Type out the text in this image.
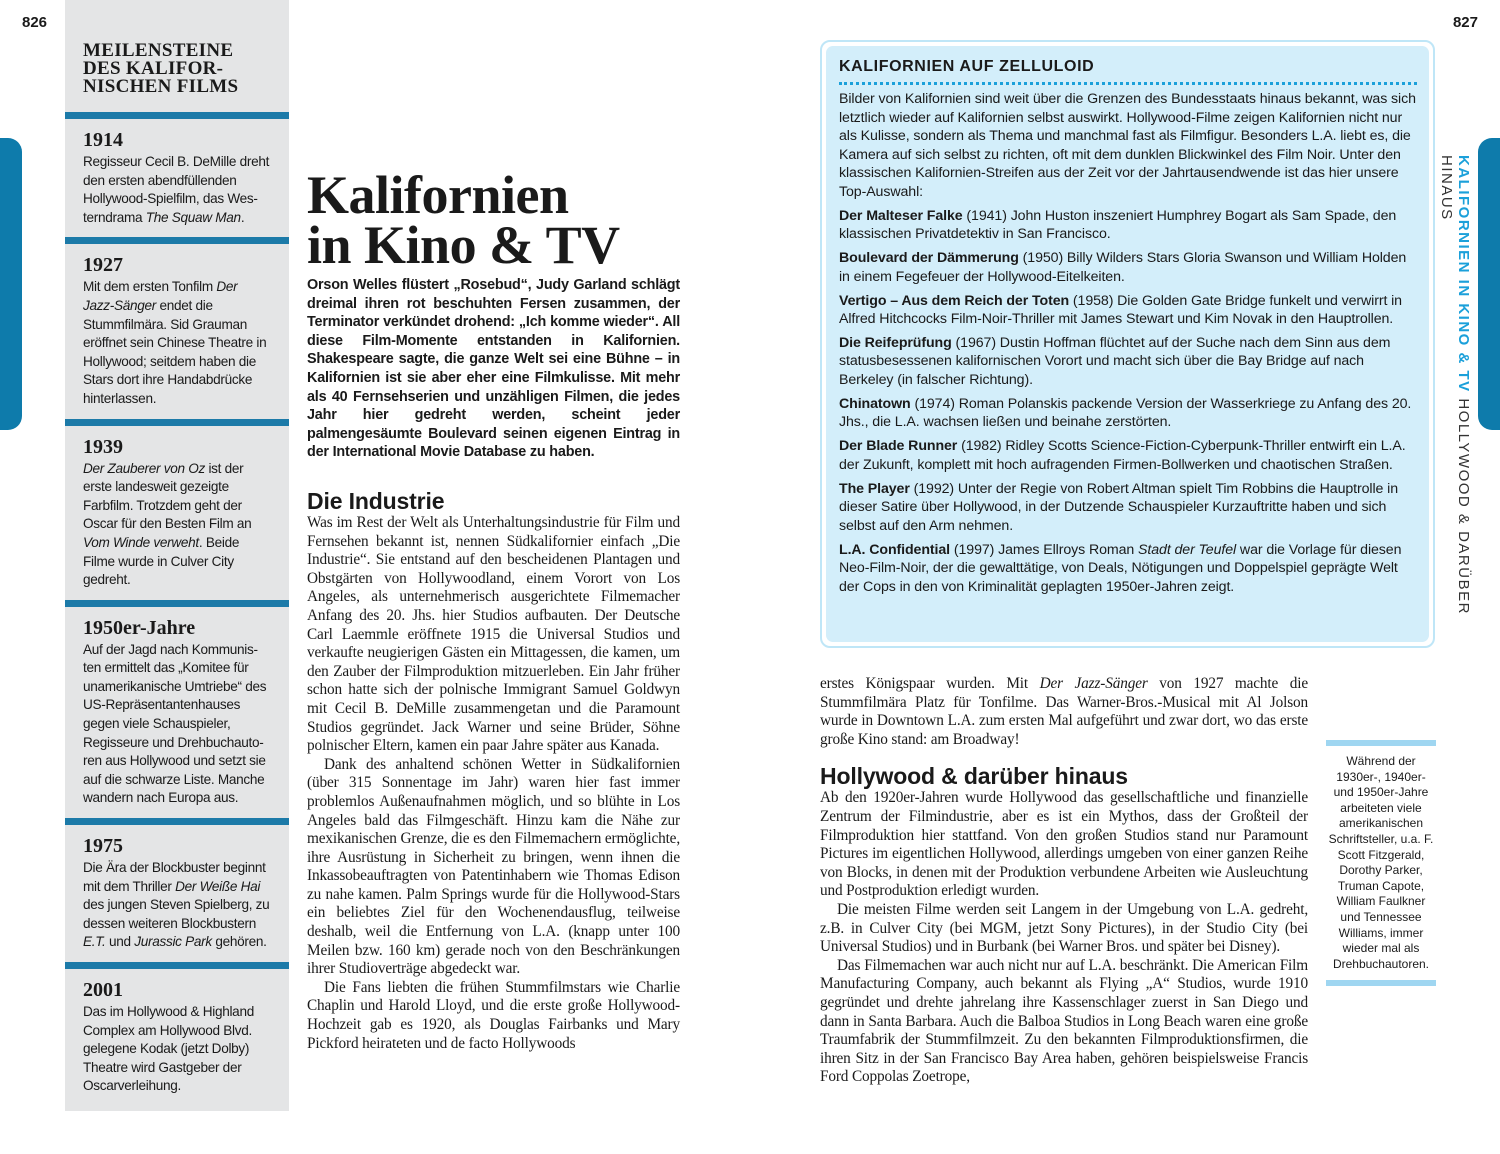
826	827
MEILENSTEINE DES KALIFOR-NISCHEN FILMS
1914

Regisseur Cecil B. DeMille dreht den ersten abendfüllenden Hollywood-Spielfilm, das Wes-terndrama The Squaw Man.

1927

Mit dem ersten Tonfilm Der Jazz-Sänger endet die Stummfilmära. Sid Grauman eröffnet sein Chinese Theatre in Hollywood; seitdem haben die Stars dort ihre Handabdrücke hinterlassen.

1939

Der Zauberer von Oz ist der erste landesweit gezeigte Farbfilm. Trotzdem geht der Oscar für den Besten Film an Vom Winde verweht. Beide Filme wurde in Culver City gedreht.

1950er-Jahre

Auf der Jagd nach Kommunis-ten ermittelt das „Komitee für unamerikanische Umtriebe“ des US-Repräsentantenhauses gegen viele Schauspieler, Regisseure und Drehbuchauto-ren aus Hollywood und setzt sie auf die schwarze Liste. Manche wandern nach Europa aus.

1975

Die Ära der Blockbuster beginnt mit dem Thriller Der Weiße Hai des jungen Steven Spielberg, zu dessen weiteren Blockbustern E.T. und Jurassic Park gehören.

2001

Das im Hollywood & Highland Complex am Hollywood Blvd. gelegene Kodak (jetzt Dolby) Theatre wird Gastgeber der Oscarverleihung.

Kalifornien
in Kino & TV
Orson Welles flüstert „Rosebud“, Judy Garland schlägt dreimal ihren rot beschuhten Fersen zusammen, der Terminator verkündet drohend: „Ich komme wieder“. All diese Film-Momente entstanden in Kalifornien. Shakespeare sagte, die ganze Welt sei eine Bühne – in Kalifornien ist sie aber eher eine Filmkulisse. Mit mehr als 40 Fernsehserien und unzähligen Filmen, die jedes Jahr hier gedreht werden, scheint jeder palmengesäumte Boulevard seinen eigenen Eintrag in der International Movie Database zu haben.
Die Industrie

Was im Rest der Welt als Unterhaltungsindustrie für Film und Fernsehen bekannt ist, nennen Südkalifornier einfach „Die Industrie“. Sie entstand auf den bescheidenen Plantagen und Obstgärten von Hollywoodland, einem Vorort von Los Angeles, als unternehmerisch ausgerichtete Filmemacher Anfang des 20. Jhs. hier Studios aufbauten. Der Deutsche Carl Laemmle eröffnete 1915 die Universal Studios und verkaufte neugierigen Gästen ein Mittagessen, die kamen, um den Zauber der Filmproduktion mitzuerleben. Ein Jahr früher schon hatte sich der polnische Immigrant Samuel Goldwyn mit Cecil B. DeMille zusammengetan und die Paramount Studios gegründet. Jack Warner und seine Brüder, Söhne polnischer Eltern, kamen ein paar Jahre später aus Kanada.

Dank des anhaltend schönen Wetter in Südkalifornien (über 315 Sonnentage im Jahr) waren hier fast immer problemlos Außenaufnahmen möglich, und so blühte in Los Angeles bald das Filmgeschäft. Hinzu kam die Nähe zur mexikanischen Grenze, die es den Filmemachern ermöglichte, ihre Ausrüstung in Sicherheit zu bringen, wenn ihnen die Inkassobeauftragten von Patentinhabern wie Thomas Edison zu nahe kamen. Palm Springs wurde für die Hollywood-Stars ein beliebtes Ziel für den Wochenendausflug, teilweise deshalb, weil die Entfernung von L.A. (knapp unter 100 Meilen bzw. 160 km) gerade noch von den Beschränkungen ihrer Studioverträge abgedeckt war.

Die Fans liebten die frühen Stummfilmstars wie Charlie Chaplin und Harold Lloyd, und die erste große Hollywood-Hochzeit gab es 1920, als Douglas Fairbanks und Mary Pickford heirateten und de facto Hollywoods

KALIFORNIEN AUF ZELLULOID

Bilder von Kalifornien sind weit über die Grenzen des Bundesstaats hinaus bekannt, was sich letztlich wieder auf Kalifornien selbst auswirkt. Hollywood-Filme zeigen Kalifornien nicht nur als Kulisse, sondern als Thema und manchmal fast als Filmfigur. Besonders L.A. liebt es, die Kamera auf sich selbst zu richten, oft mit dem dunklen Blickwinkel des Film Noir. Unter den klassischen Kalifornien-Streifen aus der Zeit vor der Jahrtausendwende ist das hier unsere Top-Auswahl:

Der Malteser Falke (1941) John Huston inszeniert Humphrey Bogart als Sam Spade, den klassischen Privatdetektiv in San Francisco.

Boulevard der Dämmerung (1950) Billy Wilders Stars Gloria Swanson und William Holden in einem Fegefeuer der Hollywood-Eitelkeiten.

Vertigo – Aus dem Reich der Toten (1958) Die Golden Gate Bridge funkelt und verwirrt in Alfred Hitchcocks Film-Noir-Thriller mit James Stewart und Kim Novak in den Hauptrollen.

Die Reifeprüfung (1967) Dustin Hoffman flüchtet auf der Suche nach dem Sinn aus dem statusbesessenen kalifornischen Vorort und macht sich über die Bay Bridge auf nach Berkeley (in falscher Richtung).

Chinatown (1974) Roman Polanskis packende Version der Wasserkriege zu Anfang des 20. Jhs., die L.A. wachsen ließen und beinahe zerstörten.

Der Blade Runner (1982) Ridley Scotts Science-Fiction-Cyberpunk-Thriller entwirft ein L.A. der Zukunft, komplett mit hoch aufragenden Firmen-Bollwerken und chaotischen Straßen.

The Player (1992) Unter der Regie von Robert Altman spielt Tim Robbins die Hauptrolle in dieser Satire über Hollywood, in der Dutzende Schauspieler Kurzauftritte haben und sich selbst auf den Arm nehmen.

L.A. Confidential (1997) James Ellroys Roman Stadt der Teufel war die Vorlage für diesen Neo-Film-Noir, der die gewalttätige, von Deals, Nötigungen und Doppelspiel geprägte Welt der Cops in den von Kriminalität geplagten 1950er-Jahren zeigt.

KALIFORNIEN IN KINO & TV HOLLYWOOD & DARÜBER HINAUS

erstes Königspaar wurden. Mit Der Jazz-Sänger von 1927 machte die Stummfilmära Platz für Tonfilme. Das Warner-Bros.-Musical mit Al Jolson wurde in Downtown L.A. zum ersten Mal aufgeführt und zwar dort, wo das erste große Kino stand: am Broadway!

Hollywood & darüber hinaus

Ab den 1920er-Jahren wurde Hollywood das gesellschaftliche und finanzielle Zentrum der Filmindustrie, aber es ist ein Mythos, dass der Großteil der Filmproduktion hier stattfand. Von den großen Studios stand nur Paramount Pictures im eigentlichen Hollywood, allerdings umgeben von einer ganzen Reihe von Blocks, in denen mit der Produktion verbundene Arbeiten wie Ausleuchtung und Postproduktion erledigt wurden.

Die meisten Filme werden seit Langem in der Umgebung von L.A. gedreht, z.B. in Culver City (bei MGM, jetzt Sony Pictures), in der Studio City (bei Universal Studios) und in Burbank (bei Warner Bros. und später bei Disney).

Das Filmemachen war auch nicht nur auf L.A. beschränkt. Die American Film Manufacturing Company, auch bekannt als Flying „A“ Studios, wurde 1910 gegründet und drehte jahrelang ihre Kassenschlager zuerst in San Diego und dann in Santa Barbara. Auch die Balboa Studios in Long Beach waren eine große Traumfabrik der Stummfilmzeit. Zu den bekannten Filmproduktionsfirmen, die ihren Sitz in der San Francisco Bay Area haben, gehören beispielsweise Francis Ford Coppolas Zoetrope,

Während der 1930er-, 1940er- und 1950er-Jahre arbeiteten viele amerikanischen Schriftsteller, u.a. F. Scott Fitzgerald, Dorothy Parker, Truman Capote, William Faulkner und Tennessee Williams, immer wieder mal als Drehbuchautoren.
